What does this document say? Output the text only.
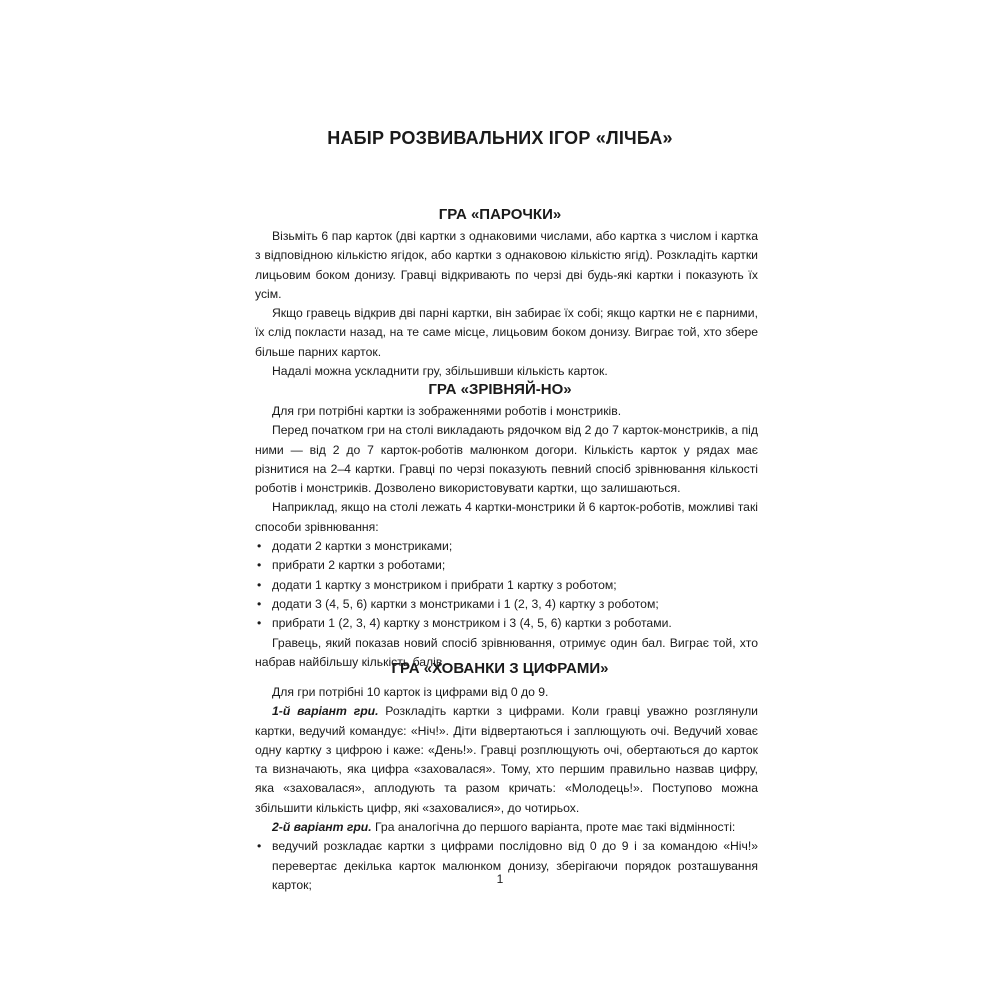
НАБІР РОЗВИВАЛЬНИХ ІГОР «ЛІЧБА»
ГРА «ПАРОЧКИ»

Візьміть 6 пар карток (дві картки з однаковими числами, або картка з числом і картка з відповідною кількістю ягідок, або картки з однаковою кількістю ягід). Розкладіть картки лицьовим боком донизу. Гравці відкривають по черзі дві будь-які картки і показують їх усім.

Якщо гравець відкрив дві парні картки, він забирає їх собі; якщо картки не є парними, їх слід покласти назад, на те саме місце, лицьовим боком донизу. Виграє той, хто збере більше парних карток.

Надалі можна ускладнити гру, збільшивши кількість карток.

ГРА «ЗРІВНЯЙ-НО»

Для гри потрібні картки із зображеннями роботів і монстриків.

Перед початком гри на столі викладають рядочком від 2 до 7 карток-монстриків, а під ними — від 2 до 7 карток-роботів малюнком догори. Кількість карток у рядах має різнитися на 2–4 картки. Гравці по черзі показують певний спосіб зрівнювання кількості роботів і монстриків. Дозволено використовувати картки, що залишаються.

Наприклад, якщо на столі лежать 4 картки-монстрики й 6 карток-роботів, можливі такі способи зрівнювання:

• додати 2 картки з монстриками;
• прибрати 2 картки з роботами;
• додати 1 картку з монстриком і прибрати 1 картку з роботом;
• додати 3 (4, 5, 6) картки з монстриками і 1 (2, 3, 4) картку з роботом;
• прибрати 1 (2, 3, 4) картку з монстриком і 3 (4, 5, 6) картки з роботами.

Гравець, який показав новий спосіб зрівнювання, отримує один бал. Виграє той, хто набрав найбільшу кількість балів.

ГРА «ХОВАНКИ З ЦИФРАМИ»

Для гри потрібні 10 карток із цифрами від 0 до 9.

1-й варіант гри. Розкладіть картки з цифрами. Коли гравці уважно розглянули картки, ведучий командує: «Ніч!». Діти відвертаються і заплющують очі. Ведучий ховає одну картку з цифрою і каже: «День!». Гравці розплющують очі, обертаються до карток та визначають, яка цифра «заховалася». Тому, хто першим правильно назвав цифру, яка «заховалася», аплодують та разом кричать: «Молодець!». Поступово можна збільшити кількість цифр, які «заховалися», до чотирьох.

2-й варіант гри. Гра аналогічна до першого варіанта, проте має такі відмінності:

• ведучий розкладає картки з цифрами послідовно від 0 до 9 і за командою «Ніч!» перевертає декілька карток малюнком донизу, зберігаючи порядок розташування карток;	1
